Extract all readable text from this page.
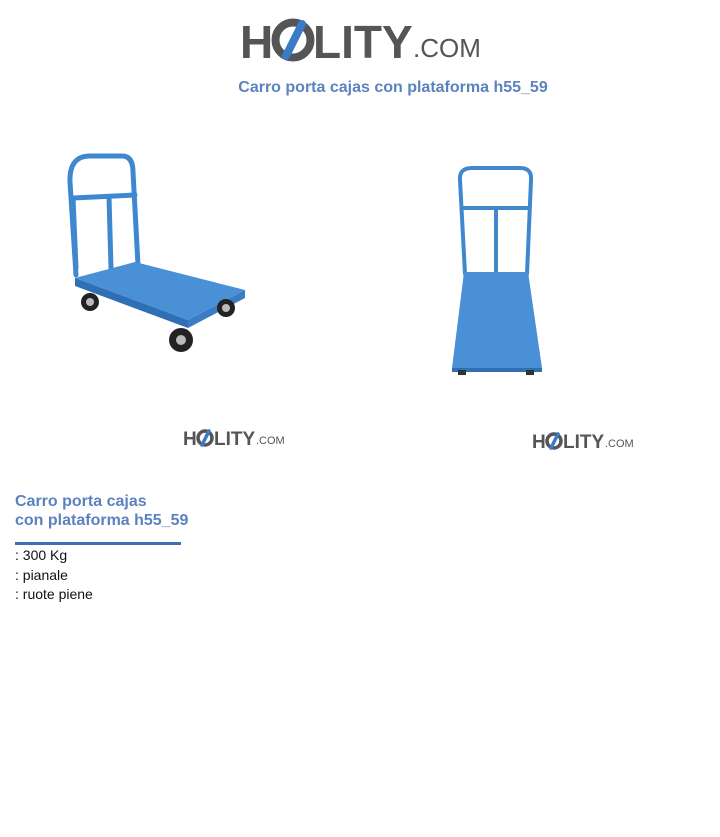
H LITY .COM
Carro porta cajas con plataforma h55_59
H LITY .COM	H LITY .COM
Carro porta cajas
con plataforma h55_59
: 300 Kg
: pianale
: ruote piene
